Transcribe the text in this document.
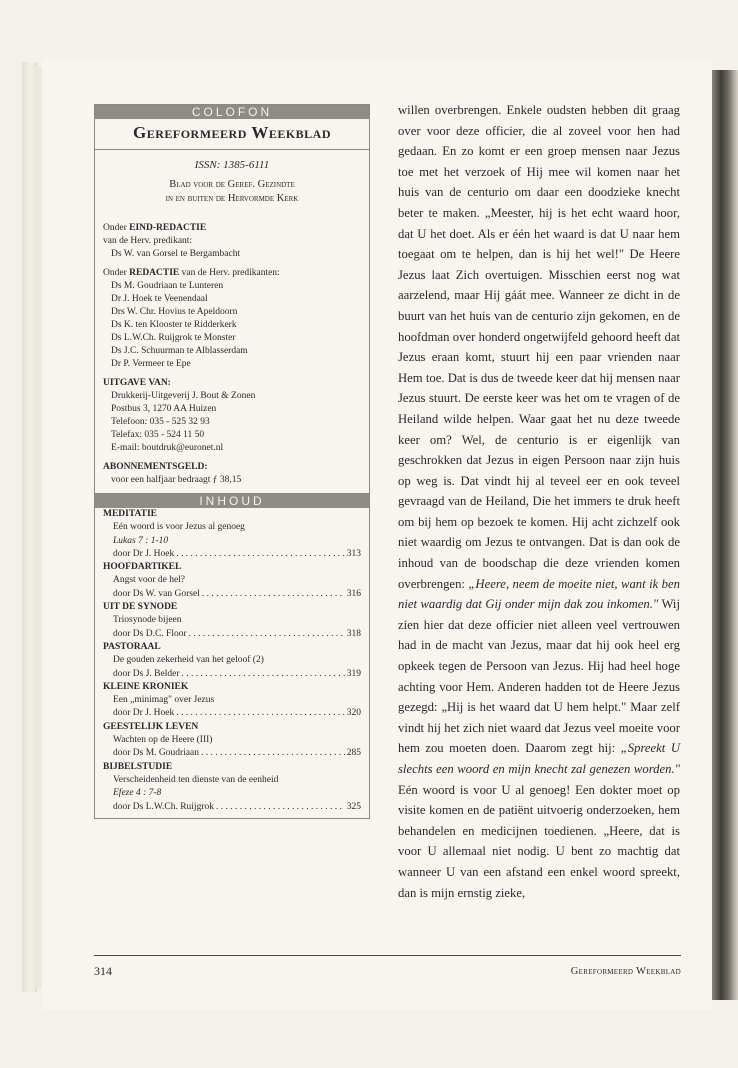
COLOFON
Gereformeerd Weekblad
ISSN: 1385-6111
Blad voor de Geref. Gezindte
in en buiten de Hervormde Kerk
Onder EIND-REDACTIE
van de Herv. predikant:
Ds W. van Gorsel te Bergambacht
Onder REDACTIE van de Herv. predikanten:
Ds M. Goudriaan te Lunteren
Dr J. Hoek te Veenendaal
Drs W. Chr. Hovius te Apeldoorn
Ds K. ten Klooster te Ridderkerk
Ds L.W.Ch. Ruijgrok te Monster
Ds J.C. Schuurman te Alblasserdam
Dr P. Vermeer te Epe
UITGAVE VAN:
Drukkerij-Uitgeverij J. Bout & Zonen
Postbus 3, 1270 AA Huizen
Telefoon: 035 - 525 32 93
Telefax: 035 - 524 11 50
E-mail: boutdruk@euronet.nl
ABONNEMENTSGELD:
voor een halfjaar bedraagt ƒ 38,15
INHOUD
MEDITATIE
Eén woord is voor Jezus al genoeg
Lukas 7 : 1-10
door Dr J. Hoek . . .	313
HOOFDARTIKEL
Angst voor de hel?
door Ds W. van Gorsel . . .	316
UIT DE SYNODE
Triosynode bijeen
door Ds D.C. Floor . . .	318
PASTORAAL
De gouden zekerheid van het geloof (2)
door Ds J. Belder . . .	319
KLEINE KRONIEK
Een „minimag" over Jezus
door Dr J. Hoek . . .	320
GEESTELIJK LEVEN
Wachten op de Heere (III)
door Ds M. Goudriaan . . .	285
BIJBELSTUDIE
Verscheidenheid ten dienste van de eenheid
Efeze 4 : 7-8
door Ds L.W.Ch. Ruijgrok . . .	325

willen overbrengen. Enkele oudsten hebben dit graag over voor deze officier, die al zoveel voor hen had gedaan. En zo komt er een groep mensen naar Jezus toe met het verzoek of Hij mee wil komen naar het huis van de centurio om daar een doodzieke knecht beter te maken. „Meester, hij is het echt waard hoor, dat U het doet. Als er één het waard is dat U naar hem toegaat om te helpen, dan is hij het wel!" De Heere Jezus laat Zich overtuigen. Misschien eerst nog wat aarzelend, maar Hij gáát mee. Wanneer ze dicht in de buurt van het huis van de centurio zijn gekomen, en de hoofdman over honderd ongetwijfeld gehoord heeft dat Jezus eraan komt, stuurt hij een paar vrienden naar Hem toe. Dat is dus de tweede keer dat hij mensen naar Jezus stuurt. De eerste keer was het om te vragen of de Heiland wilde helpen. Waar gaat het nu deze tweede keer om? Wel, de centurio is er eigenlijk van geschrokken dat Jezus in eigen Persoon naar zijn huis op weg is. Dat vindt hij al teveel eer en ook teveel gevraagd van de Heiland, Die het immers te druk heeft om bij hem op bezoek te komen. Hij acht zichzelf ook niet waardig om Jezus te ontvangen. Dat is dan ook de inhoud van de boodschap die deze vrienden komen overbrengen: „Heere, neem de moeite niet, want ik ben niet waardig dat Gij onder mijn dak zou inkomen." Wij zien hier dat deze officier niet alleen veel vertrouwen had in de macht van Jezus, maar dat hij ook heel erg opkeek tegen de Persoon van Jezus. Hij had heel hoge achting voor Hem. Anderen hadden tot de Heere Jezus gezegd: „Hij is het waard dat U hem helpt." Maar zelf vindt hij het zich niet waard dat Jezus veel moeite voor hem zou moeten doen. Daarom zegt hij: „Spreekt U slechts een woord en mijn knecht zal genezen worden." Eén woord is voor U al genoeg! Een dokter moet op visite komen en de patiënt uitvoerig onderzoeken, hem behandelen en medicijnen toedienen. „Heere, dat is voor U allemaal niet nodig. U bent zo machtig dat wanneer U van een afstand een enkel woord spreekt, dan is mijn ernstig zieke,

314	Gereformeerd Weekblad
